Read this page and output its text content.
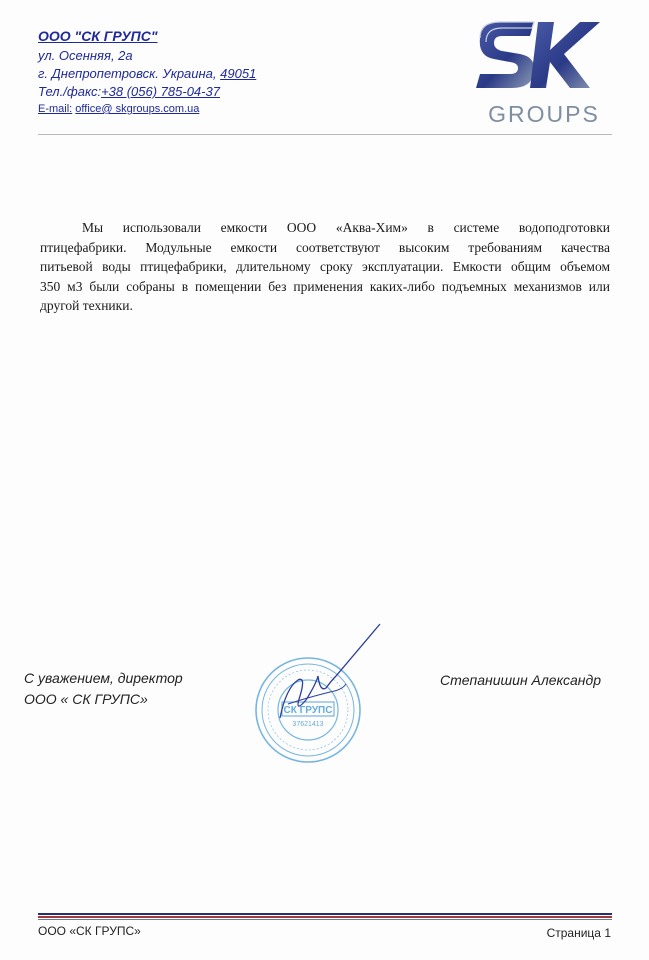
ООО "СК ГРУПС"

ул. Осенняя, 2а

г. Днепропетровск. Украина, 49051

Тел./факс:+38 (056) 785-04-37

E-mail: office@ skgroups.com.ua	GROUPS

Мы использовали емкости ООО «Аква-Хим» в системе водоподготовки

птицефабрики. Модульные емкости соответствуют высоким требованиям качества

питьевой воды птицефабрики, длительному сроку эксплуатации. Емкости общим объемом

350 м3 были собраны в помещении без применения каких-либо подъемных механизмов или

другой техники.

С уважением, директор

ООО « СК ГРУПС»

СК ГРУПС
37621413
Степанишин Александр
ООО «СК ГРУПС»	Страница 1
